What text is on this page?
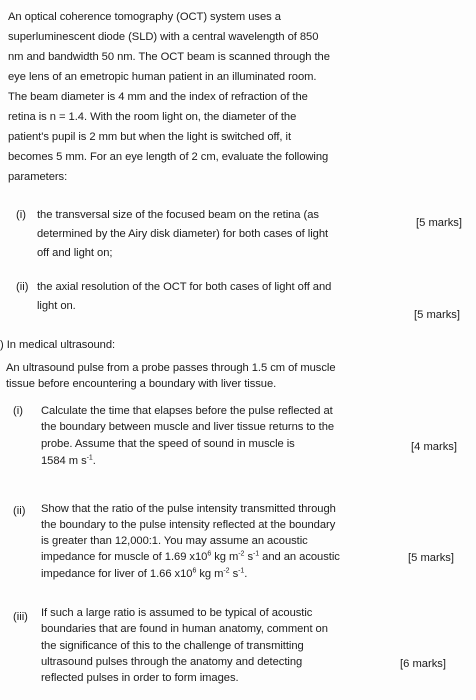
An optical coherence tomography (OCT) system uses a
superluminescent diode (SLD) with a central wavelength of 850
nm and bandwidth 50 nm. The OCT beam is scanned through the
eye lens of an emetropic human patient in an illuminated room.
The beam diameter is 4 mm and the index of refraction of the
retina is n = 1.4. With the room light on, the diameter of the
patient's pupil is 2 mm but when the light is switched off, it
becomes 5 mm. For an eye length of 2 cm, evaluate the following
parameters:
(i) the transversal size of the focused beam on the retina (as
determined by the Airy disk diameter) for both cases of light
off and light on;
[5 marks]
(ii) the axial resolution of the OCT for both cases of light off and
light on.
[5 marks]
) In medical ultrasound:
An ultrasound pulse from a probe passes through 1.5 cm of muscle
tissue before encountering a boundary with liver tissue.
(i) Calculate the time that elapses before the pulse reflected at
the boundary between muscle and liver tissue returns to the
probe. Assume that the speed of sound in muscle is
1584 m $s^{-1}$.
[4 marks]
(ii) Show that the ratio of the pulse intensity transmitted through
the boundary to the pulse intensity reflected at the boundary
is greater than 12,000:1. You may assume an acoustic
impedance for muscle of 1.69 $x10^6$ kg $m^{-2}$ $s^{-1}$ and an acoustic
impedance for liver of 1.66 $x10^6$ kg $m^{-2}$ $s^{-1}$.
[5 marks]
(iii) If such a large ratio is assumed to be typical of acoustic
boundaries that are found in human anatomy, comment on
the significance of this to the challenge of transmitting
ultrasound pulses through the anatomy and detecting
reflected pulses in order to form images.
[6 marks]
